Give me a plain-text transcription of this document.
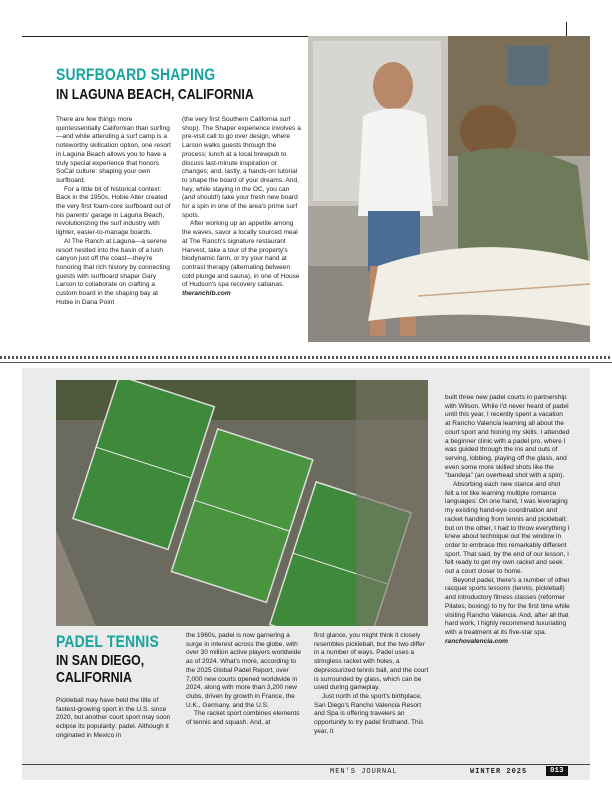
SURFBOARD SHAPING
IN LAGUNA BEACH, CALIFORNIA

There are few things more quintessentially Californian than surfing—and while attending a surf camp is a noteworthy skillcation option, one resort in Laguna Beach allows you to have a truly special experience that honors SoCal culture: shaping your own surfboard.

For a little bit of historical context: Back in the 1950s, Hobie Alter created the very first foam-core surfboard out of his parents' garage in Laguna Beach, revolutionizing the surf industry with lighter, easier-to-manage boards.

At The Ranch at Laguna—a serene resort nestled into the basin of a lush canyon just off the coast—they're honoring that rich history by connecting guests with surfboard shaper Gary Larson to collaborate on crafting a custom board in the shaping bay at Hobie in Dana Point

(the very first Southern California surf shop). The Shaper experience involves a pre-visit call to go over design, where Larson walks guests through the process; lunch at a local brewpub to discuss last-minute inspiration or changes; and, lastly, a hands-on tutorial to shape the board of your dreams. And, hey, while staying in the OC, you can (and should!) take your fresh new board for a spin in one of the area's prime surf spots.

After working up an appetite among the waves, savor a locally sourced meal at The Ranch's signature restaurant Harvest, take a tour of the property's biodynamic farm, or try your hand at contrast therapy (alternating between cold plunge and sauna), in one of House of Hudson's spa recovery cabanas.

theranchlb.com
PADEL TENNIS
IN SAN DIEGO,
CALIFORNIA

Pickleball may have held the title of fastest-growing sport in the U.S. since 2020, but another court sport may soon eclipse its popularity: padel. Although it originated in Mexico in

the 1960s, padel is now garnering a surge in interest across the globe, with over 30 million active players worldwide as of 2024. What's more, according to the 2025 Global Padel Report, over 7,000 new courts opened worldwide in 2024, along with more than 3,200 new clubs, driven by growth in France, the U.K., Germany, and the U.S.

The racket sport combines elements of tennis and squash. And, at

first glance, you might think it closely resembles pickleball, but the two differ in a number of ways. Padel uses a stringless racket with holes, a depressurized tennis ball, and the court is surrounded by glass, which can be used during gameplay.

Just north of the sport's birthplace, San Diego's Rancho Valencia Resort and Spa is offering travelers an opportunity to try padel firsthand. This year, it

built three new padel courts in partnership with Wilson. While I'd never heard of padel until this year, I recently spent a vacation at Rancho Valencia learning all about the court sport and honing my skills. I attended a beginner clinic with a padel pro, where I was guided through the ins and outs of serving, lobbing, playing off the glass, and even some more skilled shots like the "bandeja" (an overhead shot with a spin).

Absorbing each new stance and shot felt a lot like learning multiple romance languages: On one hand, I was leveraging my existing hand-eye coordination and racket handling from tennis and pickleball; but on the other, I had to throw everything I knew about technique out the window in order to embrace this remarkably different sport. That said, by the end of our lesson, I felt ready to get my own racket and seek out a court closer to home.

Beyond padel, there's a number of other racquet sports lessons (tennis, pickleball) and introductory fitness classes (reformer Pilates, boxing) to try for the first time while visiting Rancho Valencia. And, after all that hard work, I highly recommend luxuriating with a treatment at its five-star spa.

ranchovalencia.com
MEN'S JOURNAL	WINTER 2025	013
